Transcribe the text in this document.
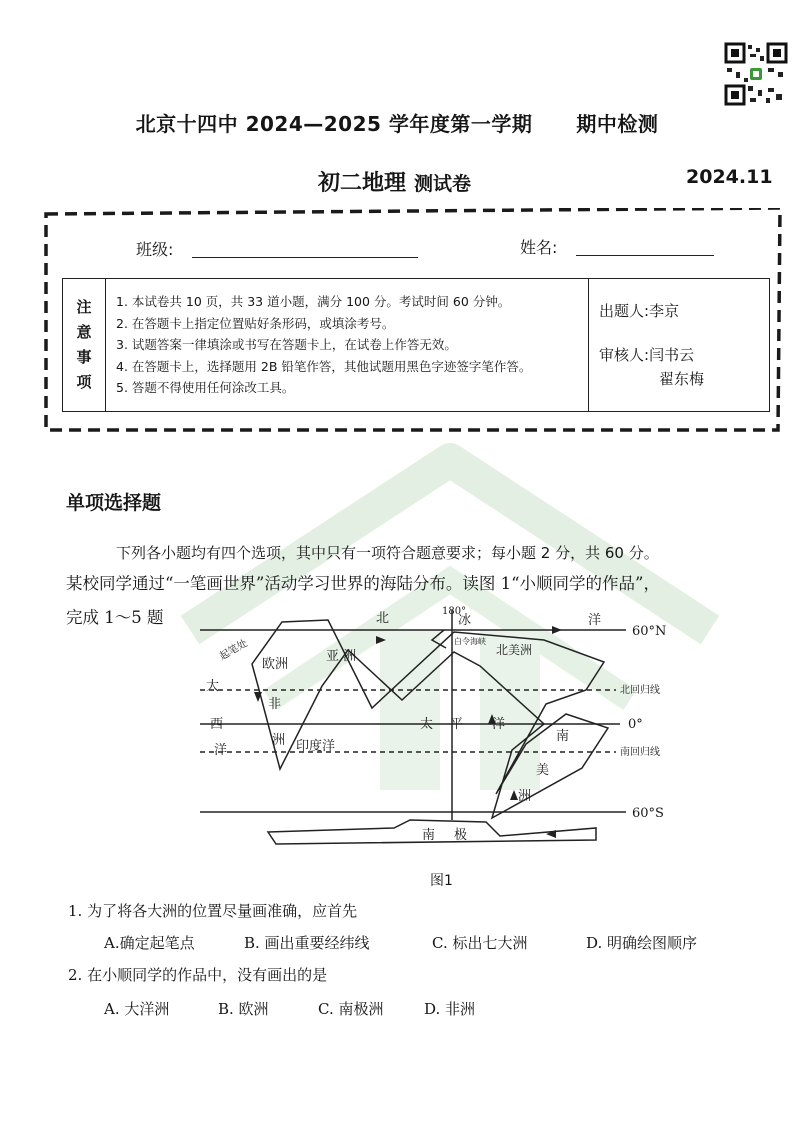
北京十四中 2024—2025 学年度第一学期 期中检测
初二地理 测试卷	2024.11
班级:	姓名:
注
意
事
项

1. 本试卷共 10 页，共 33 道小题，满分 100 分。考试时间 60 分钟。
2. 在答题卡上指定位置贴好条形码，或填涂考号。
3. 试题答案一律填涂或书写在答题卡上，在试卷上作答无效。
4. 在答题卡上，选择题用 2B 铅笔作答，其他试题用黑色字迹签字笔作答。
5. 答题不得使用任何涂改工具。

出题人:李京
审核人:闫书云
翟东梅
单项选择题
下列各小题均有四个选项，其中只有一项符合题意要求；每小题 2 分，共 60 分。
某校同学通过“一笔画世界”活动学习世界的海陆分布。读图 1“小顺同学的作品”，
完成 1～5 题
60°N
0°
60°S
180°
北回归线
南回归线
北	冰	洋
亚 洲
欧洲
北美洲
非
洲
太 平 洋
印度洋
大
西
洋
南
美
洲
南 极
起笔处	白令海峡
图1
1. 为了将各大洲的位置尽量画准确，应首先
A.确定起笔点	B. 画出重要经纬线	C. 标出七大洲	D. 明确绘图顺序
2. 在小顺同学的作品中，没有画出的是
A. 大洋洲	B. 欧洲	C. 南极洲	D. 非洲
